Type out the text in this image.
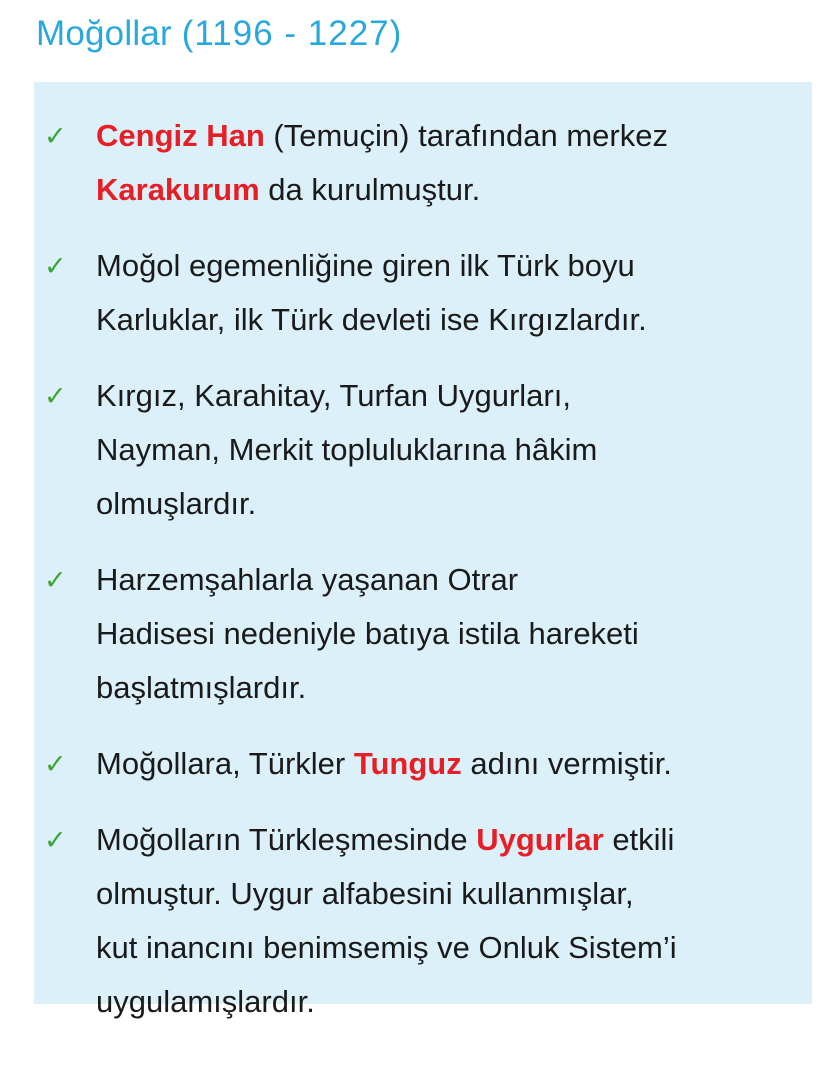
Moğollar (1196 - 1227)
✓ Cengiz Han (Temuçin) tarafından merkez
Karakurum da kurulmuştur.
✓ Moğol egemenliğine giren ilk Türk boyu
Karluklar, ilk Türk devleti ise Kırgızlardır.
✓ Kırgız, Karahitay, Turfan Uygurları,
Nayman, Merkit topluluklarına hâkim
olmuşlardır.
✓ Harzemşahlarla yaşanan Otrar
Hadisesi nedeniyle batıya istila hareketi
başlatmışlardır.
✓ Moğollara, Türkler Tunguz adını vermiştir.
✓ Moğolların Türkleşmesinde Uygurlar etkili
olmuştur. Uygur alfabesini kullanmışlar,
kut inancını benimsemiş ve Onluk Sistem’i
uygulamışlardır.
